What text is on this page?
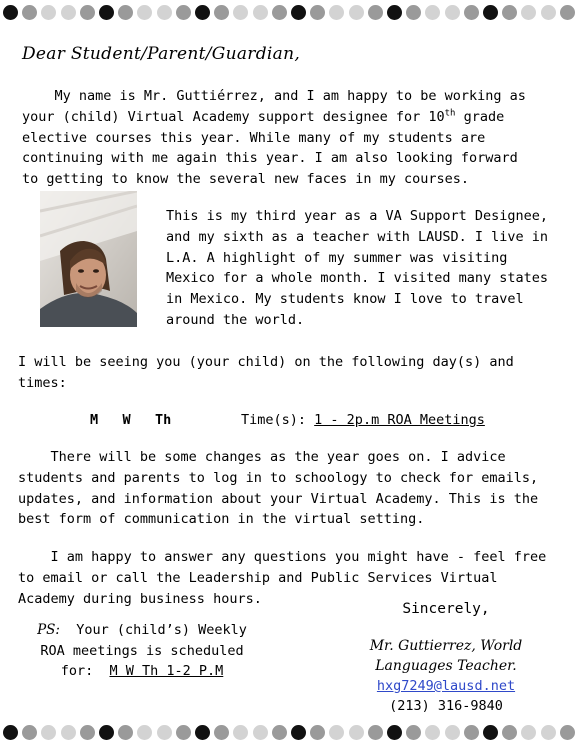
Dear Student/Parent/Guardian,
My name is Mr. Guttiérrez, and I am happy to be working as
your (child) Virtual Academy support designee for 10th grade
elective courses this year. While many of my students are
continuing with me again this year. I am also looking forward
to getting to know the several new faces in my courses.
This is my third year as a VA Support Designee,
and my sixth as a teacher with LAUSD. I live in
L.A. A highlight of my summer was visiting
Mexico for a whole month. I visited many states
in Mexico. My students know I love to travel
around the world.
I will be seeing you (your child) on the following day(s) and
times:
M   W   Th	Time(s): 1 - 2p.m ROA Meetings
There will be some changes as the year goes on. I advice
students and parents to log in to schoology to check for emails,
updates, and information about your Virtual Academy. This is the
best form of communication in the virtual setting.
I am happy to answer any questions you might have - feel free
to email or call the Leadership and Public Services Virtual
Academy during business hours.
PS: Your (child’s) Weekly
ROA meetings is scheduled
for: M W Th 1-2 P.M
Sincerely,
Mr. Guttierrez, World
Languages Teacher.
hxg7249@lausd.net
(213) 316-9840
